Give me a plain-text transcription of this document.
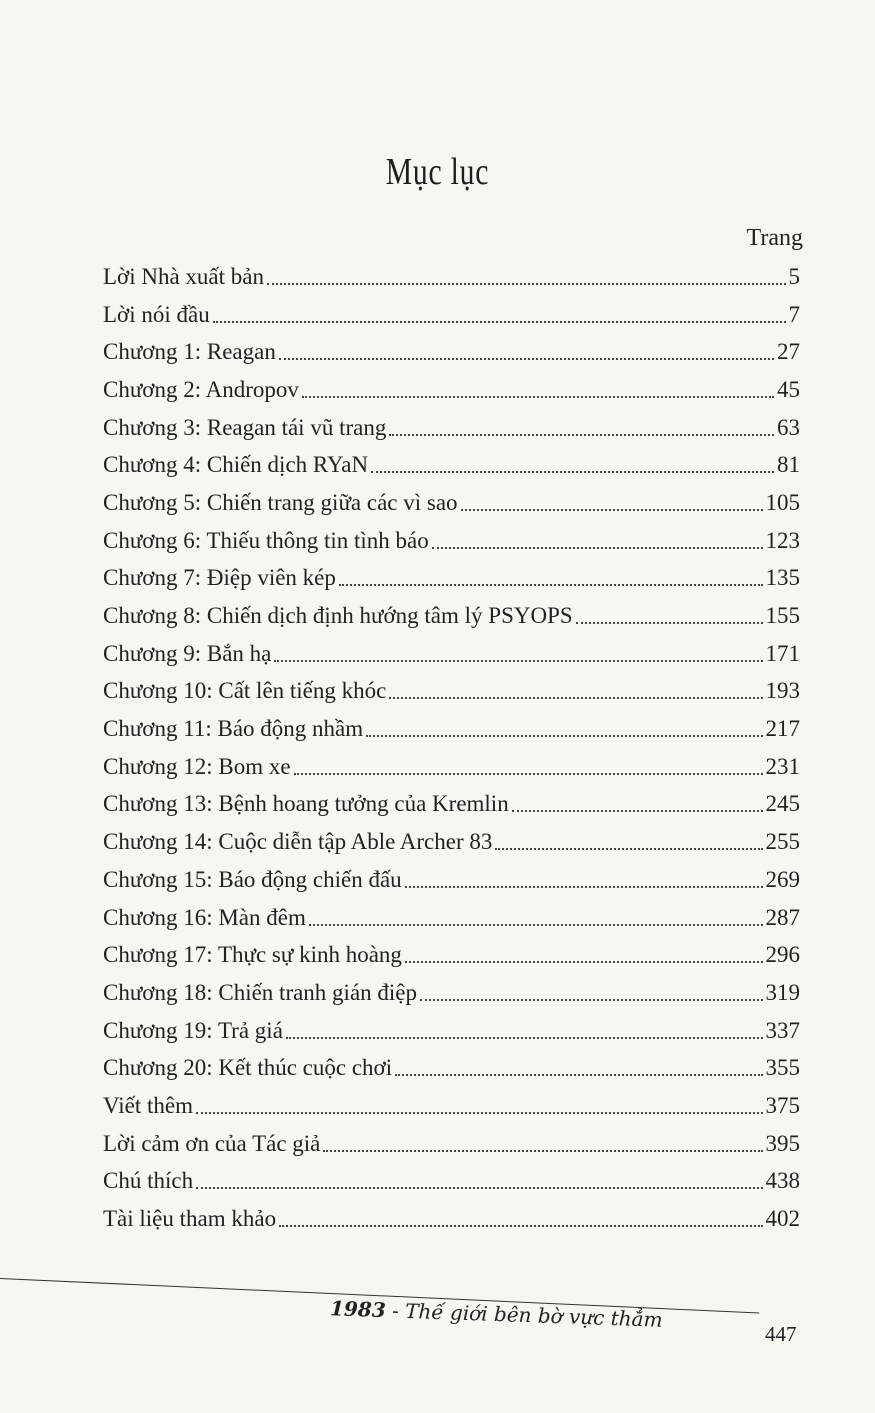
Mục lục
Trang
Lời Nhà xuất bản	5
Lời nói đầu	7
Chương 1: Reagan	27
Chương 2: Andropov	45
Chương 3: Reagan tái vũ trang	63
Chương 4: Chiến dịch RYaN	81
Chương 5: Chiến trang giữa các vì sao	105
Chương 6: Thiếu thông tin tình báo	123
Chương 7: Điệp viên kép	135
Chương 8: Chiến dịch định hướng tâm lý PSYOPS	155
Chương 9: Bắn hạ	171
Chương 10: Cất lên tiếng khóc	193
Chương 11: Báo động nhầm	217
Chương 12: Bom xe	231
Chương 13: Bệnh hoang tưởng của Kremlin	245
Chương 14: Cuộc diễn tập Able Archer 83	255
Chương 15: Báo động chiến đấu	269
Chương 16: Màn đêm	287
Chương 17: Thực sự kinh hoàng	296
Chương 18: Chiến tranh gián điệp	319
Chương 19: Trả giá	337
Chương 20: Kết thúc cuộc chơi	355
Viết thêm	375
Lời cảm ơn của Tác giả	395
Chú thích	438
Tài liệu tham khảo	402
1983 - Thế giới bên bờ vực thẳm
447
